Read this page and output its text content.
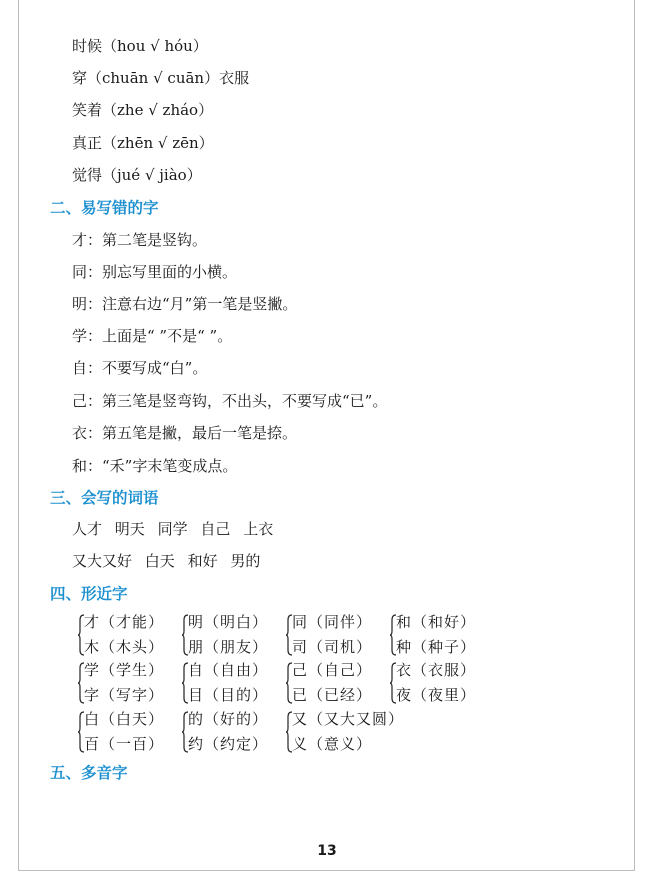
时候（hou √ hóu）
穿（chuān √ cuān）衣服
笑着（zhe √ zháo）
真正（zhēn √ zēn）
觉得（jué √ jiào）
二、易写错的字
才：第二笔是竖钩。
同：别忘写里面的小横。
明：注意右边“月”第一笔是竖撇。
学：上面是“ ”不是“ ”。
自：不要写成“白”。
己：第三笔是竖弯钩，不出头，不要写成“已”。
衣：第五笔是撇，最后一笔是捺。
和：“禾”字末笔变成点。
三、会写的词语
人才 明天 同学 自己 上衣
又大又好 白天 和好 男的
四、形近字
才（才能）
木（木头）
明（明白）
朋（朋友）
同（同伴）
司（司机）
和（和好）
种（种子）
学（学生）
字（写字）
自（自由）
目（目的）
己（自己）
已（已经）
衣（衣服）
夜（夜里）
白（白天）
百（一百）
的（好的）
约（约定）
又（又大又圆）
义（意义）
五、多音字
13
